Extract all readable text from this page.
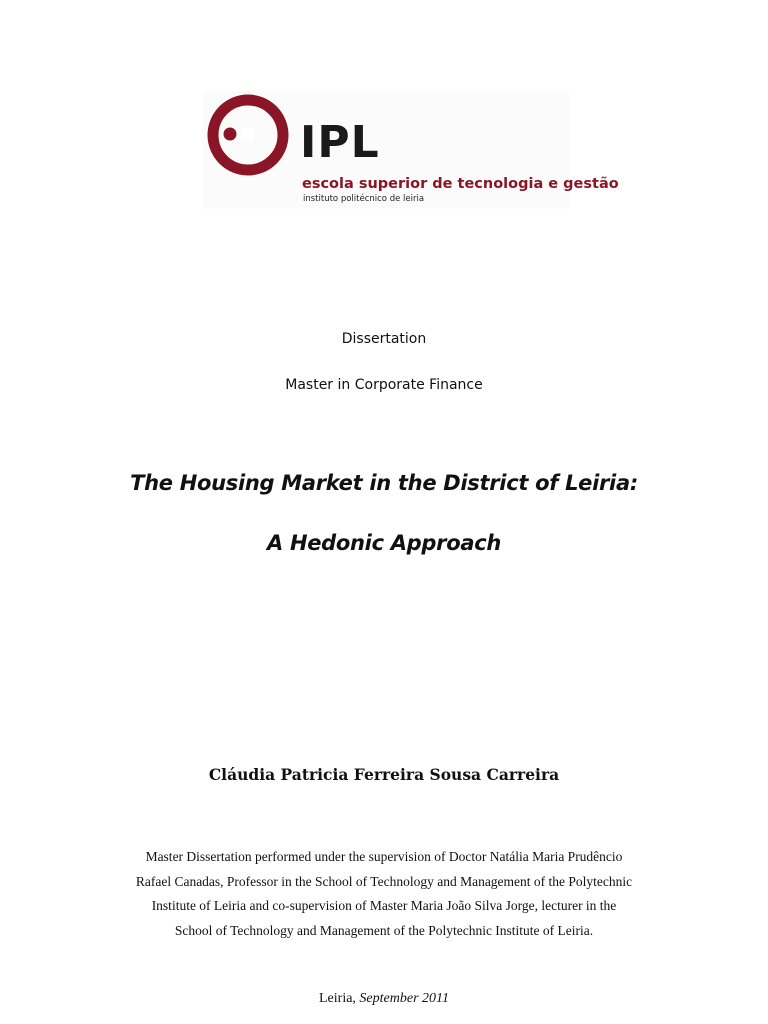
IPL
escola superior de tecnologia e gestão
instituto politécnico de leiria
Dissertation
Master in Corporate Finance
The Housing Market in the District of Leiria:
A Hedonic Approach
Cláudia Patricia Ferreira Sousa Carreira
Master Dissertation performed under the supervision of Doctor Natália Maria Prudêncio
Rafael Canadas, Professor in the School of Technology and Management of the Polytechnic
Institute of Leiria and co-supervision of Master Maria João Silva Jorge, lecturer in the
School of Technology and Management of the Polytechnic Institute of Leiria.
Leiria, September 2011
